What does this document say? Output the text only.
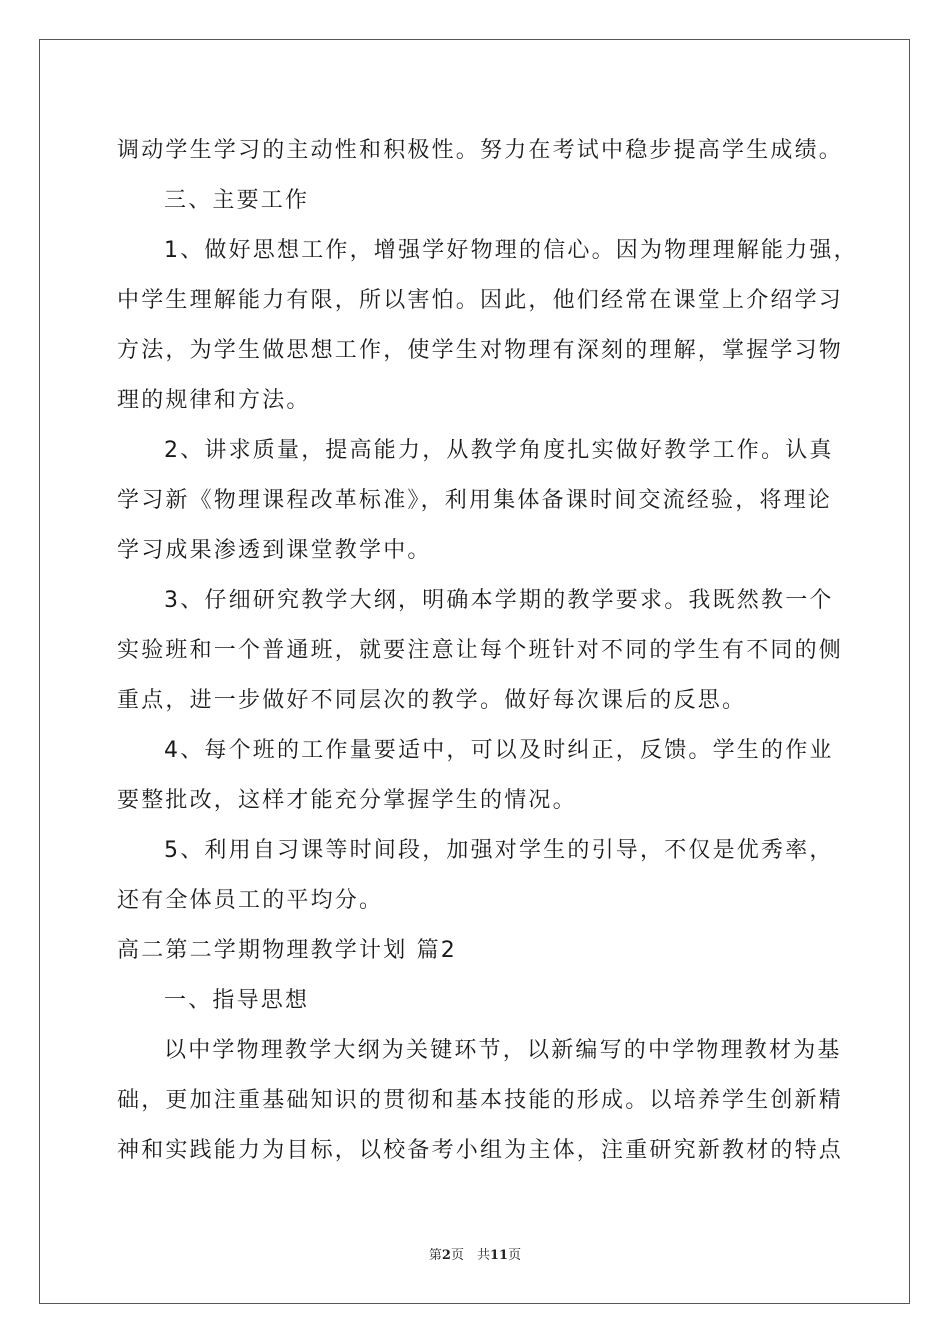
调动学生学习的主动性和积极性。努力在考试中稳步提高学生成绩。
三、主要工作
1、做好思想工作，增强学好物理的信心。因为物理理解能力强，
中学生理解能力有限，所以害怕。因此，他们经常在课堂上介绍学习
方法，为学生做思想工作，使学生对物理有深刻的理解，掌握学习物
理的规律和方法。
2、讲求质量，提高能力，从教学角度扎实做好教学工作。认真
学习新《物理课程改革标准》，利用集体备课时间交流经验，将理论
学习成果渗透到课堂教学中。
3、仔细研究教学大纲，明确本学期的教学要求。我既然教一个
实验班和一个普通班，就要注意让每个班针对不同的学生有不同的侧
重点，进一步做好不同层次的教学。做好每次课后的反思。
4、每个班的工作量要适中，可以及时纠正，反馈。学生的作业
要整批改，这样才能充分掌握学生的情况。
5、利用自习课等时间段，加强对学生的引导，不仅是优秀率，
还有全体员工的平均分。
高二第二学期物理教学计划 篇2
一、指导思想
以中学物理教学大纲为关键环节，以新编写的中学物理教材为基
础，更加注重基础知识的贯彻和基本技能的形成。以培养学生创新精
神和实践能力为目标，以校备考小组为主体，注重研究新教材的特点
第2页　共11页
